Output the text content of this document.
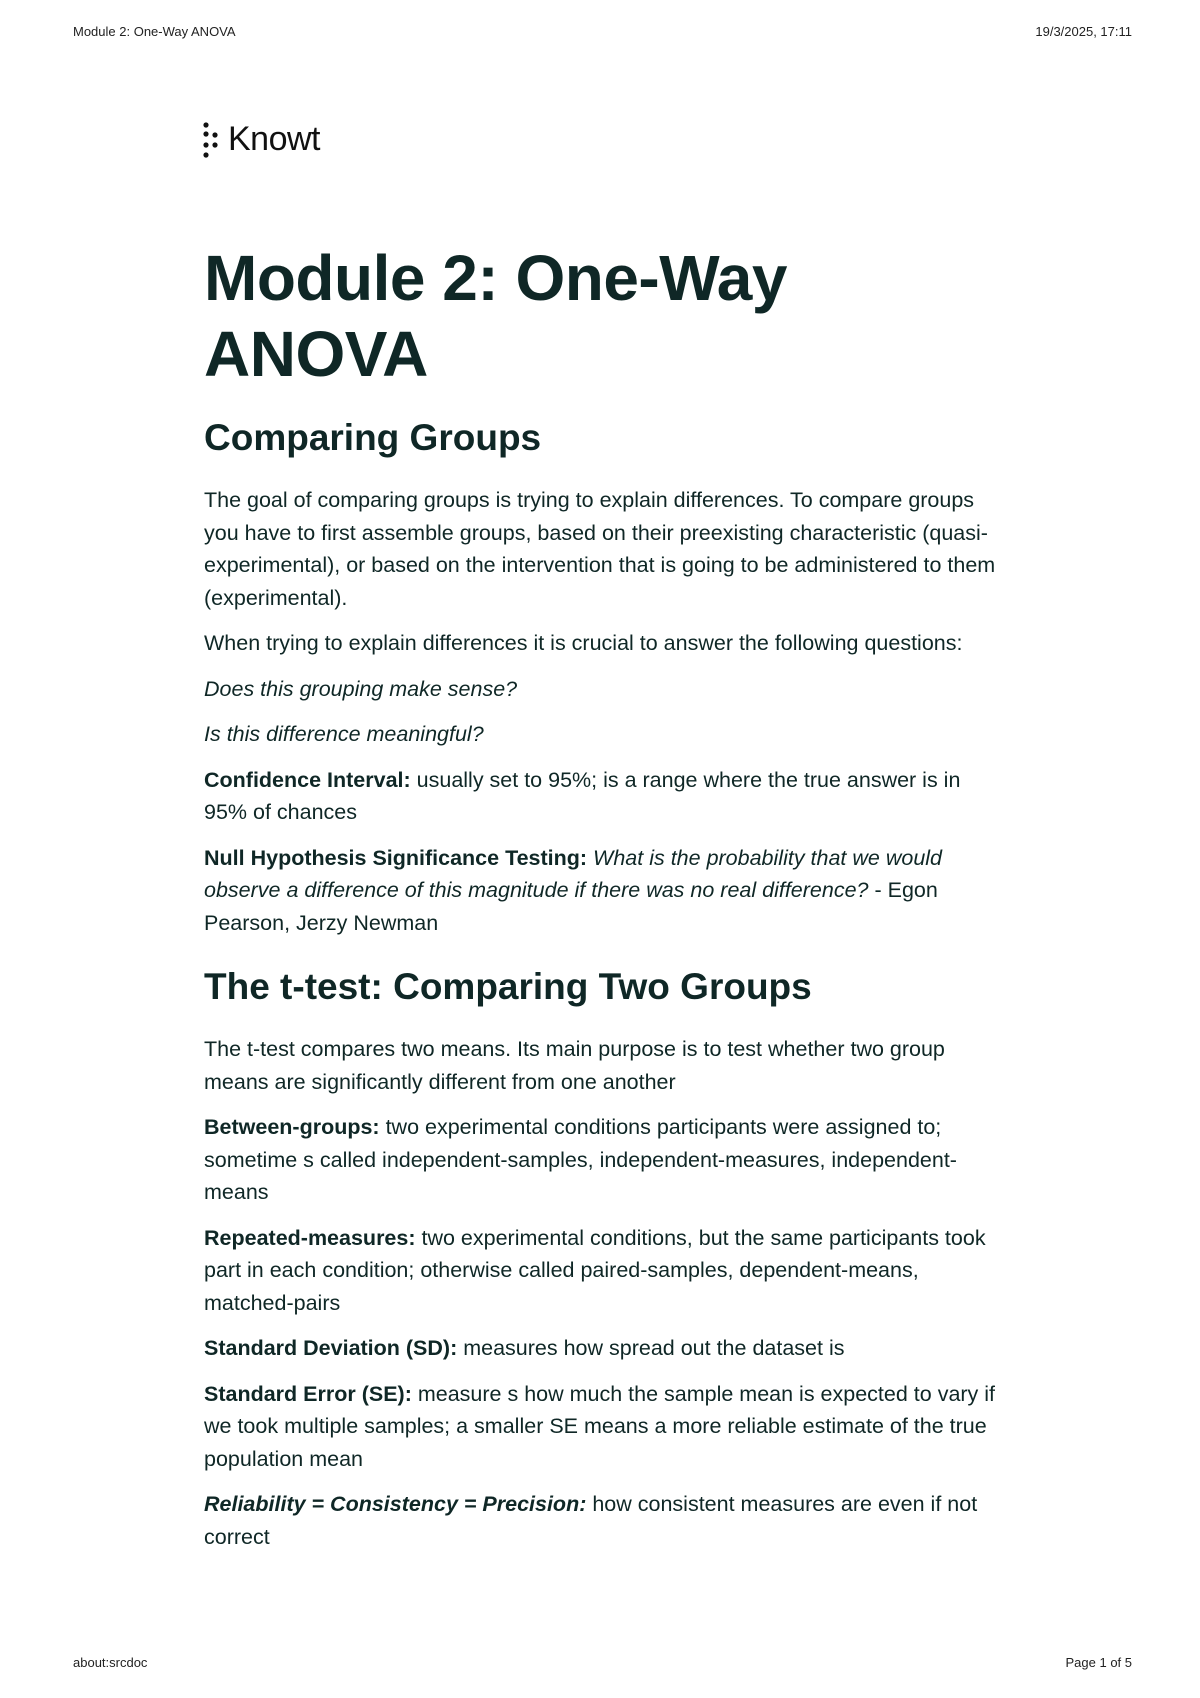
Module 2: One-Way ANOVA	19/3/2025, 17:11
Knowt
Module 2: One-Way
ANOVA
Comparing Groups

The goal of comparing groups is trying to explain differences. To compare groups you have to first assemble groups, based on their preexisting characteristic (quasi-experimental), or based on the intervention that is going to be administered to them (experimental).

When trying to explain differences it is crucial to answer the following questions:

Does this grouping make sense?

Is this difference meaningful?

Confidence Interval: usually set to 95%; is a range where the true answer is in 95% of chances

Null Hypothesis Significance Testing: What is the probability that we would observe a difference of this magnitude if there was no real difference? - Egon Pearson, Jerzy Newman

The t-test: Comparing Two Groups

The t-test compares two means. Its main purpose is to test whether two group means are significantly different from one another

Between-groups: two experimental conditions participants were assigned to; sometime s called independent-samples, independent-measures, independent-means

Repeated-measures: two experimental conditions, but the same participants took part in each condition; otherwise called paired-samples, dependent-means, matched-pairs

Standard Deviation (SD): measures how spread out the dataset is

Standard Error (SE): measure s how much the sample mean is expected to vary if we took multiple samples; a smaller SE means a more reliable estimate of the true population mean

Reliability = Consistency = Precision: how consistent measures are even if not correct

about:srcdoc	Page 1 of 5
